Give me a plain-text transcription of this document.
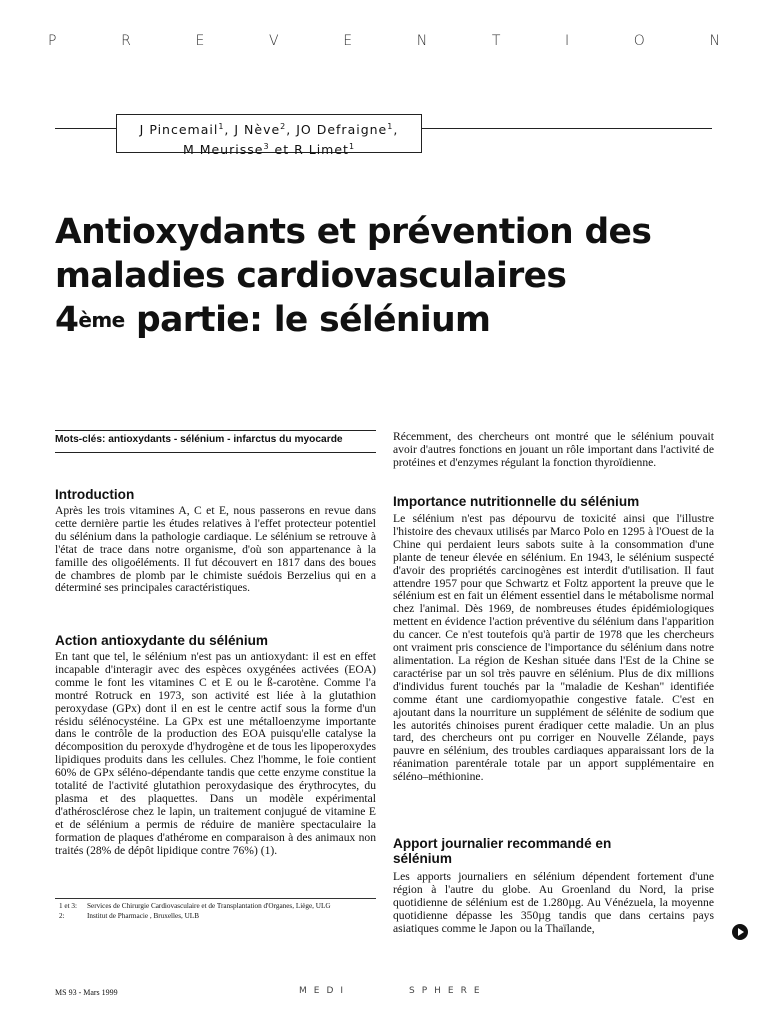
P	R	E	V	E	N	T	I	O	N
J Pincemail$^1$, J Nève$^2$, JO Defraigne$^1$,
M Meurisse$^3$ et R Limet$^1$
Antioxydants et prévention des
maladies cardiovasculaires
4ème partie: le sélénium
Mots-clés: antioxydants - sélénium - infarctus du myocarde
Introduction
Après les trois vitamines A, C et E, nous passerons en revue dans cette dernière partie les études relatives à l'effet protecteur potentiel du sélénium dans la pathologie cardiaque. Le sélénium se retrouve à l'état de trace dans notre organisme, d'où son appartenance à la famille des oligoéléments. Il fut découvert en 1817 dans des boues de chambres de plomb par le chimiste suédois Berzelius qui en a déterminé ses principales caractéristiques.
Action antioxydante du sélénium
En tant que tel, le sélénium n'est pas un antioxydant: il est en effet incapable d'interagir avec des espèces oxygénées activées (EOA) comme le font les vitamines C et E ou le ß-carotène. Comme l'a montré Rotruck en 1973, son activité est liée à la glutathion peroxydase (GPx) dont il en est le centre actif sous la forme d'un résidu sélénocystéine. La GPx est une métalloenzyme importante dans le contrôle de la production des EOA puisqu'elle catalyse la décomposition du peroxyde d'hydrogène et de tous les lipoperoxydes lipidiques produits dans les cellules. Chez l'homme, le foie contient 60% de GPx séléno-dépendante tandis que cette enzyme constitue la totalité de l'activité glutathion peroxydasique des érythrocytes, du plasma et des plaquettes. Dans un modèle expérimental d'athérosclérose chez le lapin, un traitement conjugué de vitamine E et de sélénium a permis de réduire de manière spectaculaire la formation de plaques d'athérome en comparaison à des animaux non traités (28% de dépôt lipidique contre 76%) (1).
1 et 3:	Services de Chirurgie Cardiovasculaire et de Transplantation d'Organes, Liège, ULG
2:	Institut de Pharmacie , Bruxelles, ULB
Récemment, des chercheurs ont montré que le sélénium pouvait avoir d'autres fonctions en jouant un rôle important dans l'activité de protéines et d'enzymes régulant la fonction thyroïdienne.
Importance nutritionnelle du sélénium
Le sélénium n'est pas dépourvu de toxicité ainsi que l'illustre l'histoire des chevaux utilisés par Marco Polo en 1295 à l'Ouest de la Chine qui perdaient leurs sabots suite à la consommation d'une plante de teneur élevée en sélénium. En 1943, le sélénium suspecté d'avoir des propriétés carcinogènes est interdit d'utilisation. Il faut attendre 1957 pour que Schwartz et Foltz apportent la preuve que le sélénium est en fait un élément essentiel dans le métabolisme normal chez l'animal. Dès 1969, de nombreuses études épidémiologiques mettent en évidence l'action préventive du sélénium dans l'apparition du cancer. Ce n'est toutefois qu'à partir de 1978 que les chercheurs ont vraiment pris conscience de l'importance du sélénium dans notre alimentation. La région de Keshan située dans l'Est de la Chine se caractérise par un sol très pauvre en sélénium. Plus de dix millions d'individus furent touchés par la "maladie de Keshan" identifiée comme étant une cardiomyopathie congestive fatale. C'est en ajoutant dans la nourriture un supplément de sélénite de sodium que les autorités chinoises purent éradiquer cette maladie. Un an plus tard, des chercheurs ont pu corriger en Nouvelle Zélande, pays pauvre en sélénium, des troubles cardiaques apparaissant lors de la réanimation parentérale totale par un apport supplémentaire en séléno–méthionine.
Apport journalier recommandé en
sélénium
Les apports journaliers en sélénium dépendent fortement d'une région à l'autre du globe. Au Groenland du Nord, la prise quotidienne de sélénium est de 1.280µg. Au Vénézuela, la moyenne quotidienne dépasse les 350µg tandis que dans certains pays asiatiques comme le Japon ou la Thaïlande,
MS 93 - Mars 1999	MEDI	SPHERE
